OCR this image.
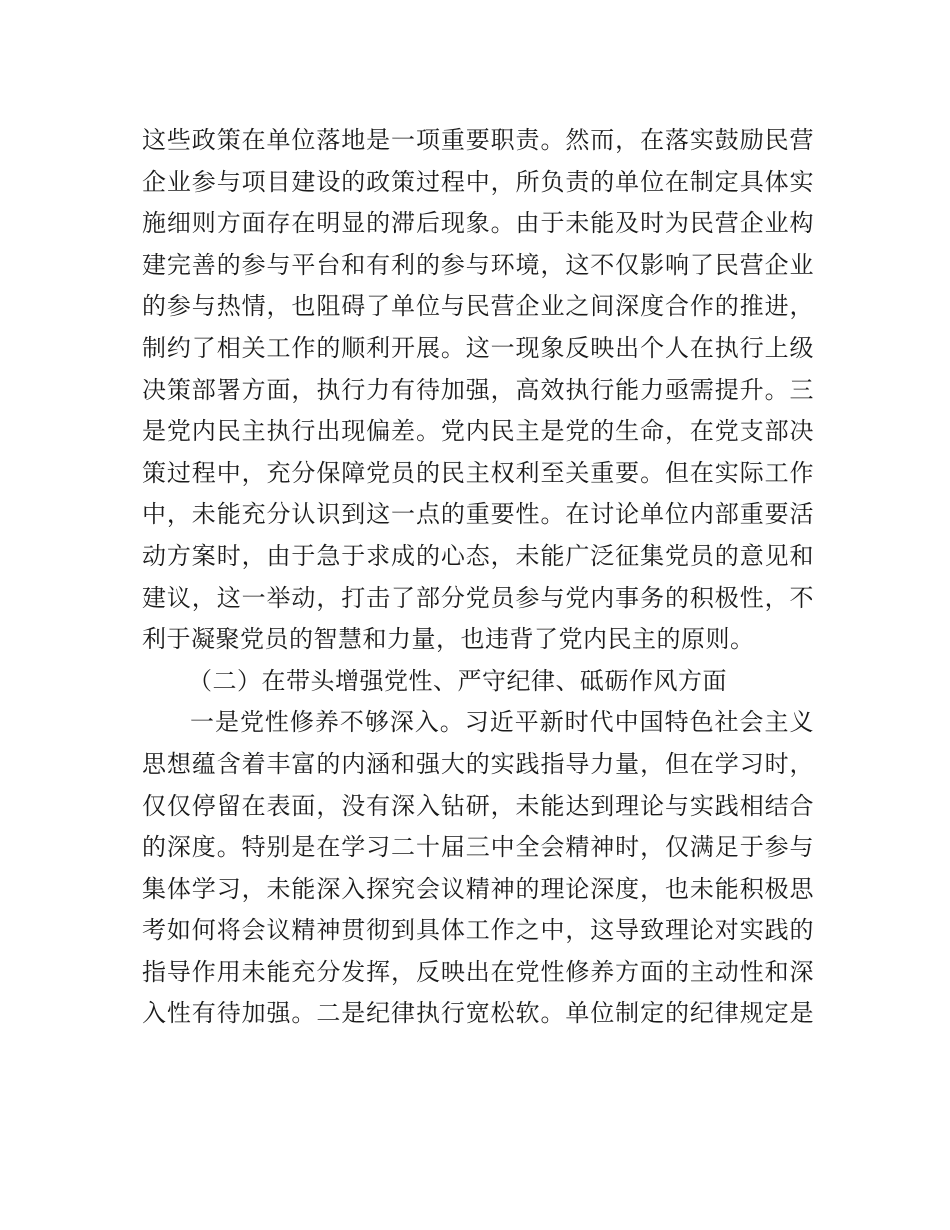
这些政策在单位落地是一项重要职责。然而，在落实鼓励民营
企业参与项目建设的政策过程中，所负责的单位在制定具体实
施细则方面存在明显的滞后现象。由于未能及时为民营企业构
建完善的参与平台和有利的参与环境，这不仅影响了民营企业
的参与热情，也阻碍了单位与民营企业之间深度合作的推进，
制约了相关工作的顺利开展。这一现象反映出个人在执行上级
决策部署方面，执行力有待加强，高效执行能力亟需提升。三
是党内民主执行出现偏差。党内民主是党的生命，在党支部决
策过程中，充分保障党员的民主权利至关重要。但在实际工作
中，未能充分认识到这一点的重要性。在讨论单位内部重要活
动方案时，由于急于求成的心态，未能广泛征集党员的意见和
建议，这一举动，打击了部分党员参与党内事务的积极性，不
利于凝聚党员的智慧和力量，也违背了党内民主的原则。
（二）在带头增强党性、严守纪律、砥砺作风方面
一是党性修养不够深入。习近平新时代中国特色社会主义
思想蕴含着丰富的内涵和强大的实践指导力量，但在学习时，
仅仅停留在表面，没有深入钻研，未能达到理论与实践相结合
的深度。特别是在学习二十届三中全会精神时，仅满足于参与
集体学习，未能深入探究会议精神的理论深度，也未能积极思
考如何将会议精神贯彻到具体工作之中，这导致理论对实践的
指导作用未能充分发挥，反映出在党性修养方面的主动性和深
入性有待加强。二是纪律执行宽松软。单位制定的纪律规定是
